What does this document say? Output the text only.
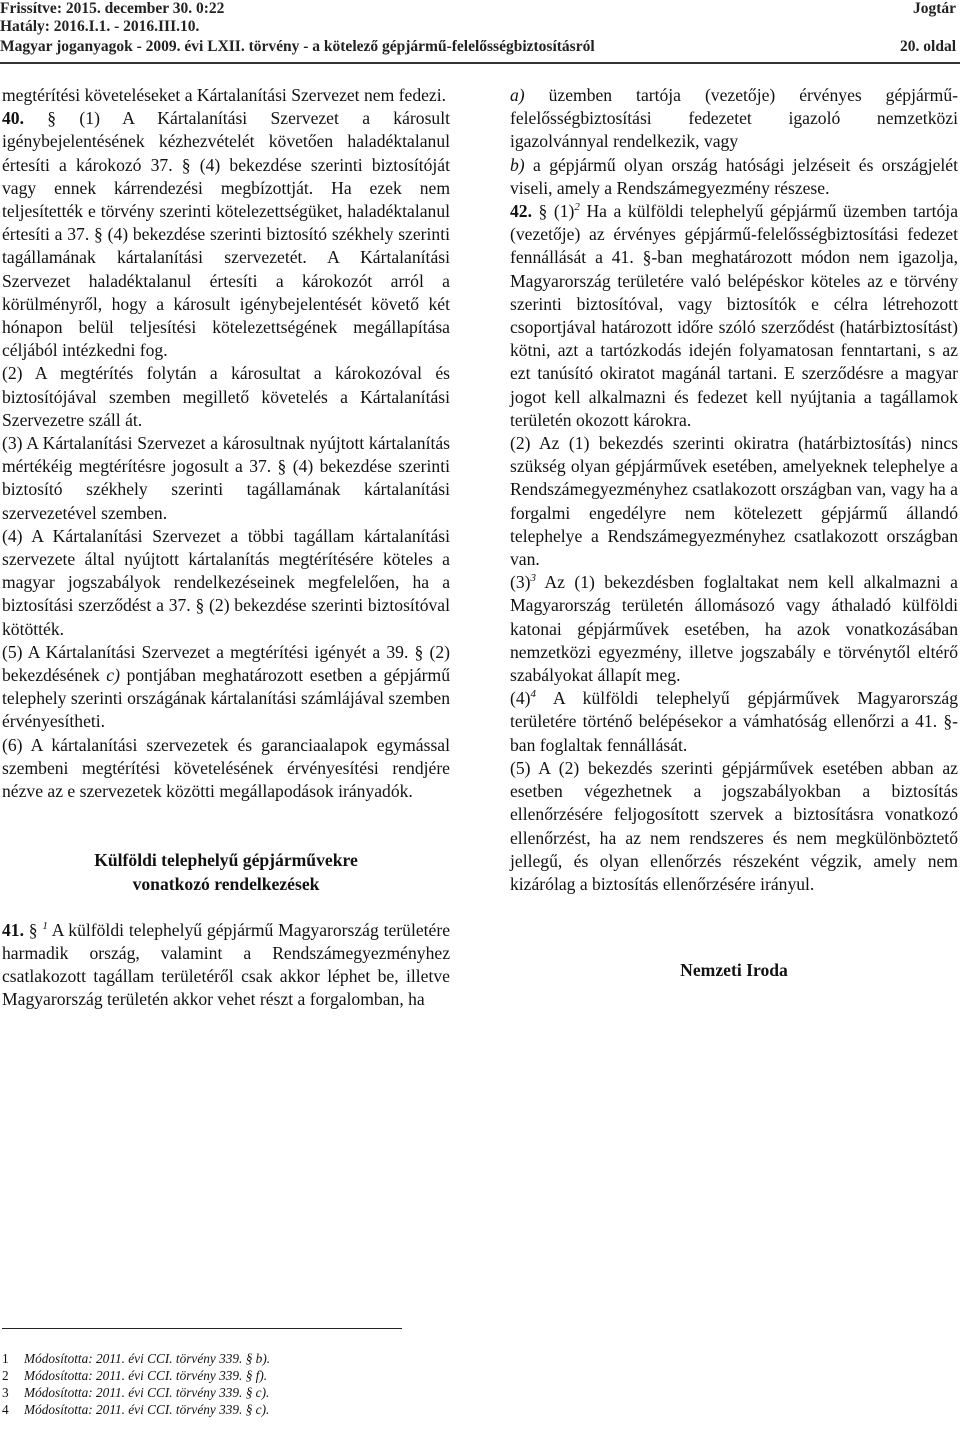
Frissítve: 2015. december 30. 0:22
Hatály: 2016.I.1. - 2016.III.10.
Magyar joganyagok - 2009. évi LXII. törvény - a kötelező gépjármű-felelősségbiztosításról
Jogtár
20. oldal

megtérítési követeléseket a Kártalanítási Szervezet nem fedezi.

40. § (1) A Kártalanítási Szervezet a károsult igénybejelentésének kézhezvételét követően haladéktalanul értesíti a károkozó 37. § (4) bekezdése szerinti biztosítóját vagy ennek kárrendezési megbízottját. Ha ezek nem teljesítették e törvény szerinti kötelezettségüket, haladéktalanul értesíti a 37. § (4) bekezdése szerinti biztosító székhely szerinti tagállamának kártalanítási szervezetét. A Kártalanítási Szervezet haladéktalanul értesíti a károkozót arról a körülményről, hogy a károsult igénybejelentését követő két hónapon belül teljesítési kötelezettségének megállapítása céljából intézkedni fog.

(2) A megtérítés folytán a károsultat a károkozóval és biztosítójával szemben megillető követelés a Kártalanítási Szervezetre száll át.

(3) A Kártalanítási Szervezet a károsultnak nyújtott kártalanítás mértékéig megtérítésre jogosult a 37. § (4) bekezdése szerinti biztosító székhely szerinti tagállamának kártalanítási szervezetével szemben.

(4) A Kártalanítási Szervezet a többi tagállam kártalanítási szervezete által nyújtott kártalanítás megtérítésére köteles a magyar jogszabályok rendelkezéseinek megfelelően, ha a biztosítási szerződést a 37. § (2) bekezdése szerinti biztosítóval kötötték.

(5) A Kártalanítási Szervezet a megtérítési igényét a 39. § (2) bekezdésének c) pontjában meghatározott esetben a gépjármű telephely szerinti országának kártalanítási számlájával szemben érvényesítheti.

(6) A kártalanítási szervezetek és garanciaalapok egymással szembeni megtérítési követelésének érvényesítési rendjére nézve az e szervezetek közötti megállapodások irányadók.

Külföldi telephelyű gépjárművekre
vonatkozó rendelkezések

41. § $^1$ A külföldi telephelyű gépjármű Magyarország területére harmadik ország, valamint a Rendszámegyezményhez csatlakozott tagállam területéről csak akkor léphet be, illetve Magyarország területén akkor vehet részt a forgalomban, ha

a) üzemben tartója (vezetője) érvényes gépjármű-felelősségbiztosítási fedezetet igazoló nemzetközi igazolvánnyal rendelkezik, vagy

b) a gépjármű olyan ország hatósági jelzéseit és országjelét viseli, amely a Rendszámegyezmény részese.

42. § (1)$^2$ Ha a külföldi telephelyű gépjármű üzemben tartója (vezetője) az érvényes gépjármű-felelősségbiztosítási fedezet fennállását a 41. §-ban meghatározott módon nem igazolja, Magyarország területére való belépéskor köteles az e törvény szerinti biztosítóval, vagy biztosítók e célra létrehozott csoportjával határozott időre szóló szerződést (határbiztosítást) kötni, azt a tartózkodás idején folyamatosan fenntartani, s az ezt tanúsító okiratot magánál tartani. E szerződésre a magyar jogot kell alkalmazni és fedezet kell nyújtania a tagállamok területén okozott károkra.

(2) Az (1) bekezdés szerinti okiratra (határbiztosítás) nincs szükség olyan gépjárművek esetében, amelyeknek telephelye a Rendszámegyezményhez csatlakozott országban van, vagy ha a forgalmi engedélyre nem kötelezett gépjármű állandó telephelye a Rendszámegyezményhez csatlakozott országban van.

(3)$^3$ Az (1) bekezdésben foglaltakat nem kell alkalmazni a Magyarország területén állomásozó vagy áthaladó külföldi katonai gépjárművek esetében, ha azok vonatkozásában nemzetközi egyezmény, illetve jogszabály e törvénytől eltérő szabályokat állapít meg.

(4)$^4$ A külföldi telephelyű gépjárművek Magyarország területére történő belépésekor a vámhatóság ellenőrzi a 41. §-ban foglaltak fennállását.

(5) A (2) bekezdés szerinti gépjárművek esetében abban az esetben végezhetnek a jogszabályokban a biztosítás ellenőrzésére feljogosított szervek a biztosításra vonatkozó ellenőrzést, ha az nem rendszeres és nem megkülönböztető jellegű, és olyan ellenőrzés részeként végzik, amely nem kizárólag a biztosítás ellenőrzésére irányul.

Nemzeti Iroda

1 Módosította: 2011. évi CCI. törvény 339. § b).
2 Módosította: 2011. évi CCI. törvény 339. § f).
3 Módosította: 2011. évi CCI. törvény 339. § c).
4 Módosította: 2011. évi CCI. törvény 339. § c).
